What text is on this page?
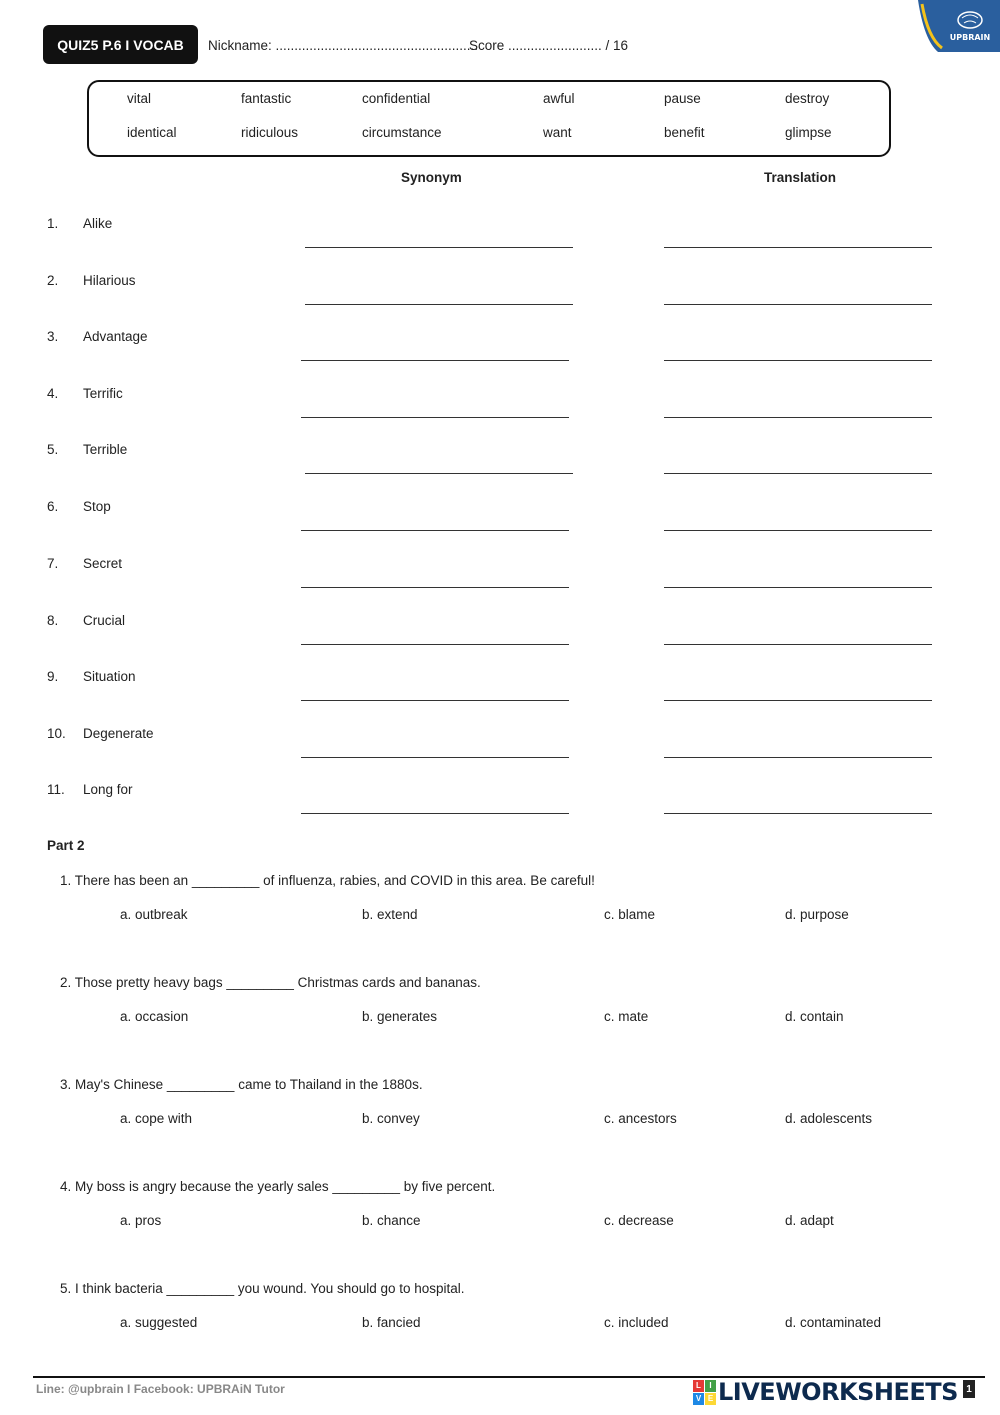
QUIZ5 P.6 I VOCAB	Nickname: ......................................................
Score ......................... / 16
UPBRAIN
vital	fantastic	confidential	awful	pause	destroy
identical	ridiculous	circumstance	want	benefit	glimpse
Synonym	Translation
1. Alike
2. Hilarious
3. Advantage
4. Terrific
5. Terrible
6. Stop
7. Secret
8. Crucial
9. Situation
10. Degenerate
11. Long for
Part 2
1. There has been an _________ of influenza, rabies, and COVID in this area. Be careful!
a. outbreak	b. extend	c. blame	d. purpose
2. Those pretty heavy bags _________ Christmas cards and bananas.
a. occasion	b. generates	c. mate	d. contain
3. May's Chinese _________ came to Thailand in the 1880s.
a. cope with	b. convey	c. ancestors	d. adolescents
4. My boss is angry because the yearly sales _________ by five percent.
a. pros	b. chance	c. decrease	d. adapt
5. I think bacteria _________ you wound. You should go to hospital.
a. suggested	b. fancied	c. included	d. contaminated
Line: @upbrain I Facebook: UPBRAiN Tutor	L	I
V E LIVEWORKSHEETS 1
